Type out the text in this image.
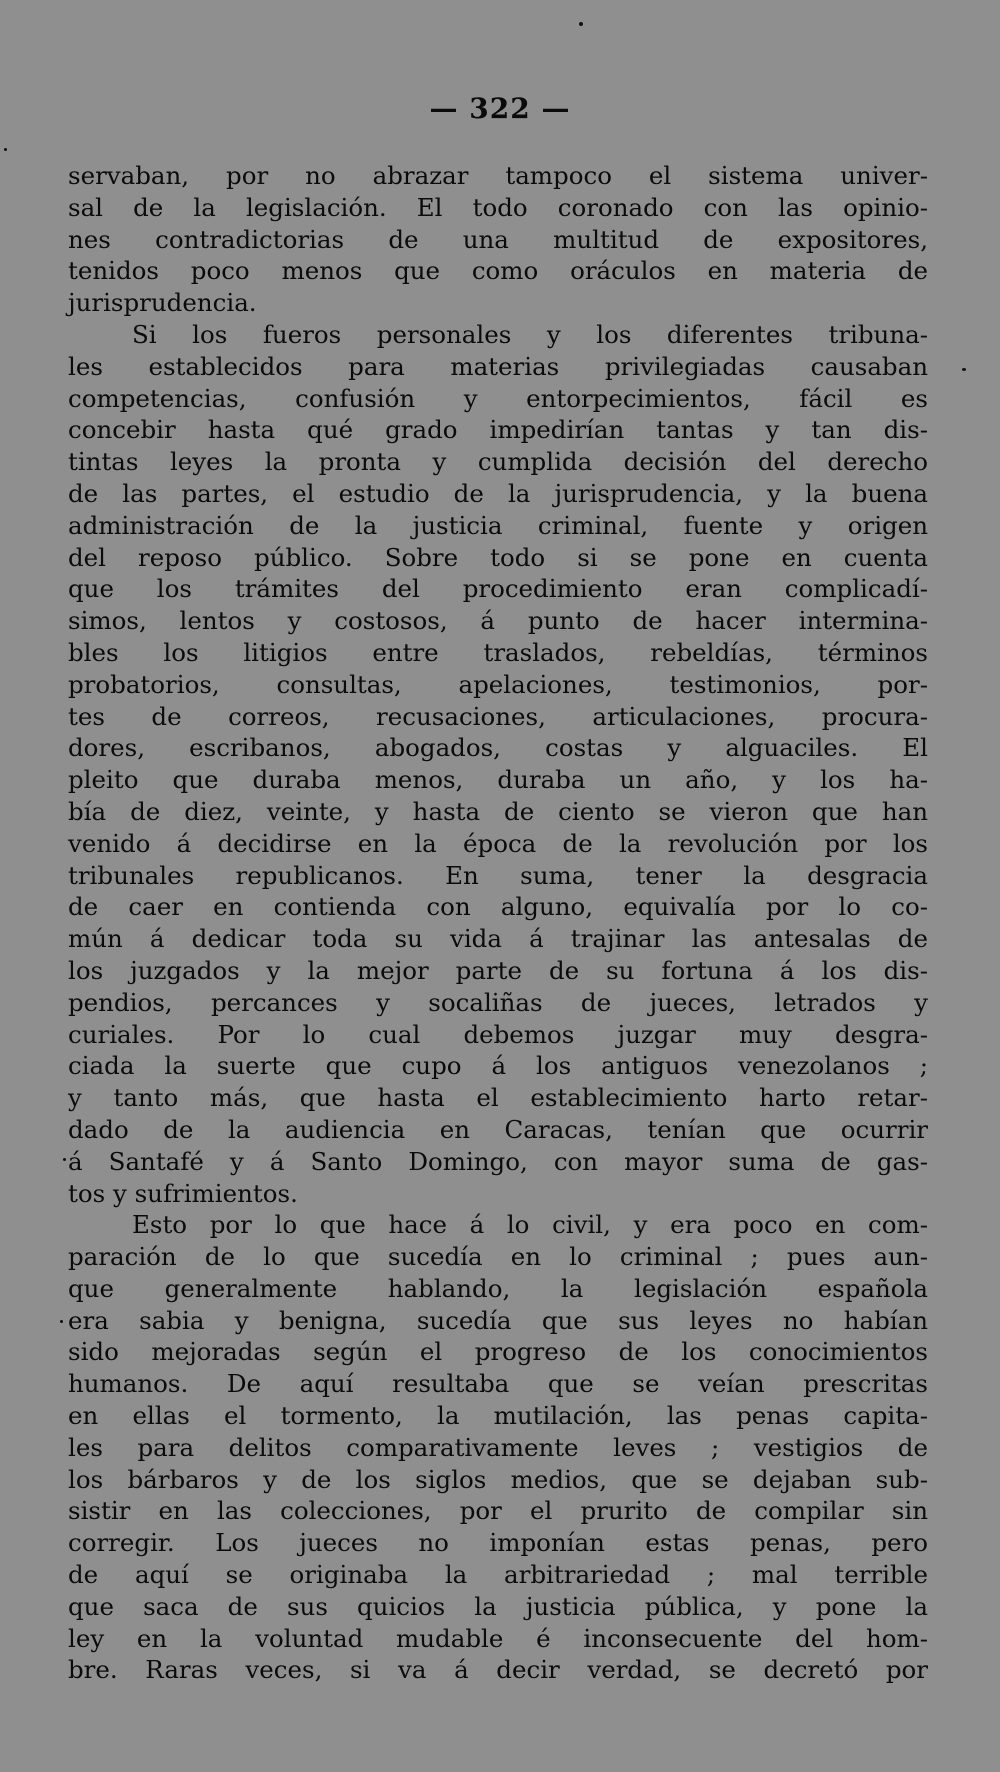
— 322 —
servaban, por no abrazar tampoco el sistema univer-
sal de la legislación. El todo coronado con las opinio-
nes contradictorias de una multitud de expositores,
tenidos poco menos que como oráculos en materia de
jurisprudencia.
Si los fueros personales y los diferentes tribuna-
les establecidos para materias privilegiadas causaban
competencias, confusión y entorpecimientos, fácil es
concebir hasta qué grado impedirían tantas y tan dis-
tintas leyes la pronta y cumplida decisión del derecho
de las partes, el estudio de la jurisprudencia, y la buena
administración de la justicia criminal, fuente y origen
del reposo público. Sobre todo si se pone en cuenta
que los trámites del procedimiento eran complicadí-
simos, lentos y costosos, á punto de hacer intermina-
bles los litigios entre traslados, rebeldías, términos
probatorios, consultas, apelaciones, testimonios, por-
tes de correos, recusaciones, articulaciones, procura-
dores, escribanos, abogados, costas y alguaciles. El
pleito que duraba menos, duraba un año, y los ha-
bía de diez, veinte, y hasta de ciento se vieron que han
venido á decidirse en la época de la revolución por los
tribunales republicanos. En suma, tener la desgracia
de caer en contienda con alguno, equivalía por lo co-
mún á dedicar toda su vida á trajinar las antesalas de
los juzgados y la mejor parte de su fortuna á los dis-
pendios, percances y socaliñas de jueces, letrados y
curiales. Por lo cual debemos juzgar muy desgra-
ciada la suerte que cupo á los antiguos venezolanos ;
y tanto más, que hasta el establecimiento harto retar-
dado de la audiencia en Caracas, tenían que ocurrir
á Santafé y á Santo Domingo, con mayor suma de gas-
tos y sufrimientos.
Esto por lo que hace á lo civil, y era poco en com-
paración de lo que sucedía en lo criminal ; pues aun-
que generalmente hablando, la legislación española
era sabia y benigna, sucedía que sus leyes no habían
sido mejoradas según el progreso de los conocimientos
humanos. De aquí resultaba que se veían prescritas
en ellas el tormento, la mutilación, las penas capita-
les para delitos comparativamente leves ; vestigios de
los bárbaros y de los siglos medios, que se dejaban sub-
sistir en las colecciones, por el prurito de compilar sin
corregir. Los jueces no imponían estas penas, pero
de aquí se originaba la arbitrariedad ; mal terrible
que saca de sus quicios la justicia pública, y pone la
ley en la voluntad mudable é inconsecuente del hom-
bre. Raras veces, si va á decir verdad, se decretó por
